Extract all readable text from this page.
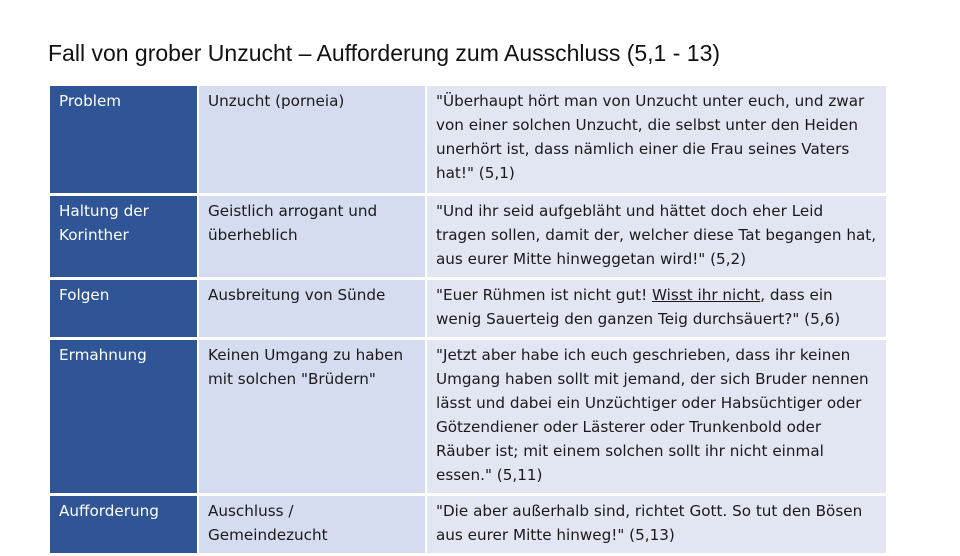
Fall von grober Unzucht – Aufforderung zum Ausschluss (5,1 - 13)
Problem	Unzucht (porneia)	"Überhaupt hört man von Unzucht unter euch, und zwar von einer solchen Unzucht, die selbst unter den Heiden unerhört ist, dass nämlich einer die Frau seines Vaters hat!" (5,1)
Haltung der Korinther	Geistlich arrogant und überheblich	"Und ihr seid aufgebläht und hättet doch eher Leid tragen sollen, damit der, welcher diese Tat begangen hat, aus eurer Mitte hinweggetan wird!" (5,2)
Folgen	Ausbreitung von Sünde	"Euer Rühmen ist nicht gut! Wisst ihr nicht, dass ein wenig Sauerteig den ganzen Teig durchsäuert?" (5,6)
Ermahnung	Keinen Umgang zu haben mit solchen "Brüdern"	"Jetzt aber habe ich euch geschrieben, dass ihr keinen Umgang haben sollt mit jemand, der sich Bruder nennen lässt und dabei ein Unzüchtiger oder Habsüchtiger oder Götzendiener oder Lästerer oder Trunkenbold oder Räuber ist; mit einem solchen sollt ihr nicht einmal essen." (5,11)
Aufforderung	Auschluss / Gemeindezucht	"Die aber außerhalb sind, richtet Gott. So tut den Bösen aus eurer Mitte hinweg!" (5,13)
